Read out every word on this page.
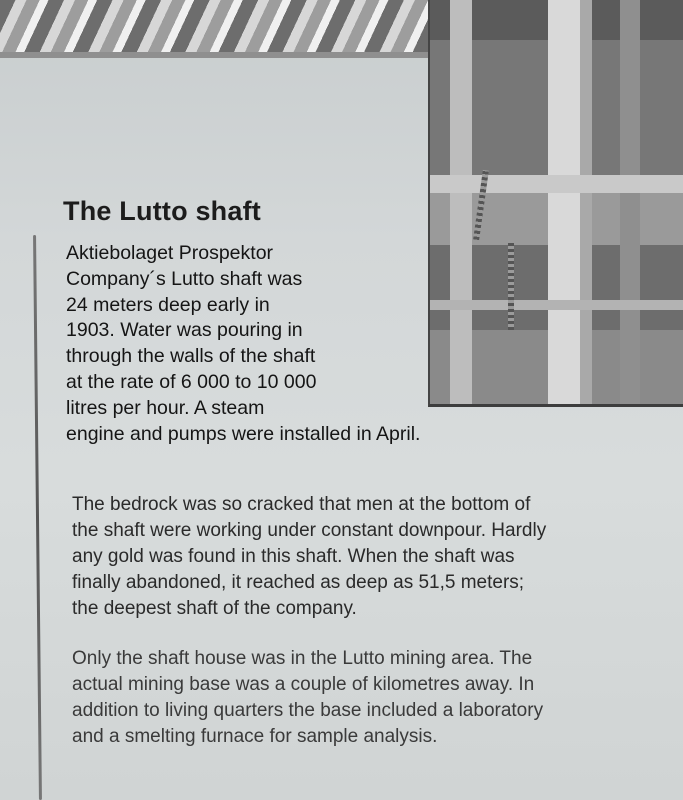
The Lutto shaft
Aktiebolaget Prospektor
Company´s Lutto shaft was
24 meters deep early in
1903. Water was pouring in
through the walls of the shaft
at the rate of 6 000 to 10 000
litres per hour. A steam
engine and pumps were installed in April.
The bedrock was so cracked that men at the bottom of
the shaft were working under constant downpour. Hardly
any gold was found in this shaft. When the shaft was
finally abandoned, it reached as deep as 51,5 meters;
the deepest shaft of the company.
Only the shaft house was in the Lutto mining area. The
actual mining base was a couple of kilometres away. In
addition to living quarters the base included a laboratory
and a smelting furnace for sample analysis.
